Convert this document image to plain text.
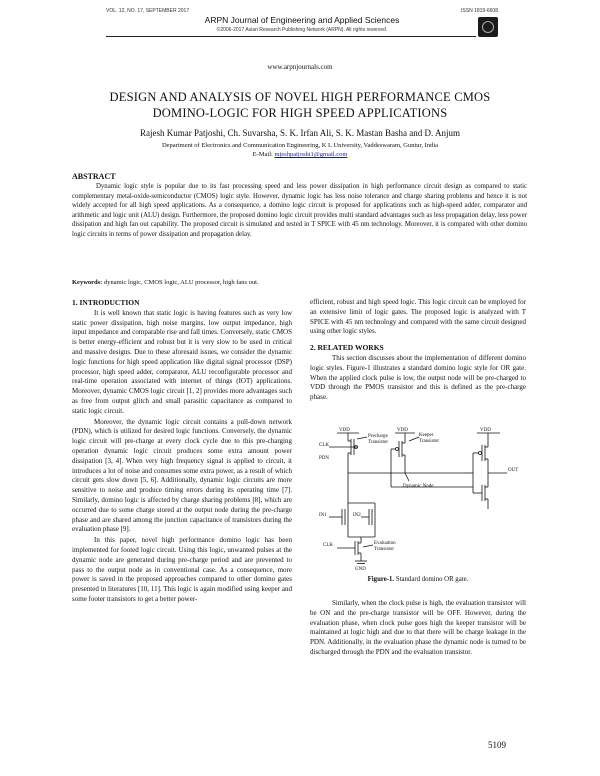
VOL. 12, NO. 17, SEPTEMBER 2017	ISSN 1819-6608
ARPN Journal of Engineering and Applied Sciences
©2006-2017 Asian Research Publishing Network (ARPN). All rights reserved.
www.arpnjournals.com
DESIGN AND ANALYSIS OF NOVEL HIGH PERFORMANCE CMOS
DOMINO-LOGIC FOR HIGH SPEED APPLICATIONS
Rajesh Kumar Patjoshi, Ch. Suvarsha, S. K. Irfan Ali, S. K. Mastan Basha and D. Anjum
Department of Electronics and Communication Engineering, K L University, Vaddeswaram, Guntur, India
E-Mail: mjeshpatjoshi1@gmail.com
ABSTRACT
Dynamic logic style is popular due to its fast processing speed and less power dissipation in high performance circuit design as compared to static complementary metal-oxide-semiconductor (CMOS) logic style. However, dynamic logic has less noise tolerance and charge sharing problems and hence it is not widely accepted for all high speed applications. As a consequence, a domino logic circuit is proposed for applications such as high-speed adder, comparator and arithmetic and logic unit (ALU) design. Furthermore, the proposed domino logic circuit provides multi standard advantages such as less propagation delay, less power dissipation and high fan out capability. The proposed circuit is simulated and tested in T SPICE with 45 nm technology. Moreover, it is compared with other domino logic circuits in terms of power dissipation and propagation delay.
Keywords: dynamic logic, CMOS logic, ALU processor, high fans out.
1. INTRODUCTION

It is well known that static logic is having features such as very low static power dissipation, high noise margins, low output impedance, high input impedance and comparable rise and fall times. Conversely, static CMOS is better energy-efficient and robust but it is very slow to be used in critical and massive designs. Due to these aforesaid issues, we consider the dynamic logic functions for high speed application like digital signal processor (DSP) processor, high speed adder, comparator, ALU reconfigurable processor and real-time operation associated with internet of things (IOT) applications. Moreover, dynamic CMOS logic circuit [1, 2] provides more advantages such as free from output glitch and small parasitic capacitance as compared to static logic circuit.

Moreover, the dynamic logic circuit contains a pull-down network (PDN), which is utilized for desired logic functions. Conversely, the dynamic logic circuit will pre-charge at every clock cycle due to this pre-charging operation dynamic logic circuit produces some extra amount power dissipation [3, 4]. When very high frequency signal is applied to circuit, it introduces a lot of noise and consumes some extra power, as a result of which circuit gets slow down [5, 6]. Additionally, dynamic logic circuits are more sensitive to noise and produce timing errors during its operating time [7]. Similarly, domino logic is affected by charge sharing problems [8], which are occurred due to some charge stored at the output node during the pre-charge phase and are shared among the junction capacitance of transistors during the evaluation phase [9].

In this paper, novel high performance domino logic has been implemented for footed logic circuit. Using this logic, unwanted pulses at the dynamic node are generated during pre-charge period and are prevented to pass to the output node as in conventional case. As a consequence, more power is saved in the proposed approaches compared to other domino gates presented in literatures [10, 11]. This logic is again modified using keeper and some footer transistors to get a better power-

efficient, robust and high speed logic. This logic circuit can be employed for an extensive limit of logic gates. The proposed logic is analyzed with T SPICE with 45 nm technology and compared with the same circuit designed using other logic styles.

2. RELATED WORKS

This section discusses about the implementation of different domino logic styles. Figure-1 illustrates a standard domino logic style for OR gate. When the applied clock pulse is low, the output node will be pre-charged to VDD through the PMOS transistor and this is defined as the pre-charge phase.

VDD	VDD	VDD
Precharge
Transistor
Keeper
Transistor
CLK
PDN
IN1	IN2
Dynamic Node
OUT
CLK	Evaluation
Transistor
GND
Figure-1. Standard domino OR gate.

Similarly, when the clock pulse is high, the evaluation transistor will be ON and the pre-charge transistor will be OFF. However, during the evaluation phase, when clock pulse goes high the keeper transistor will be maintained at logic high and due to that there will be charge leakage in the PDN. Additionally, in the evaluation phase the dynamic node is turned to be discharged through the PDN and the evaluation transistor.

5109
